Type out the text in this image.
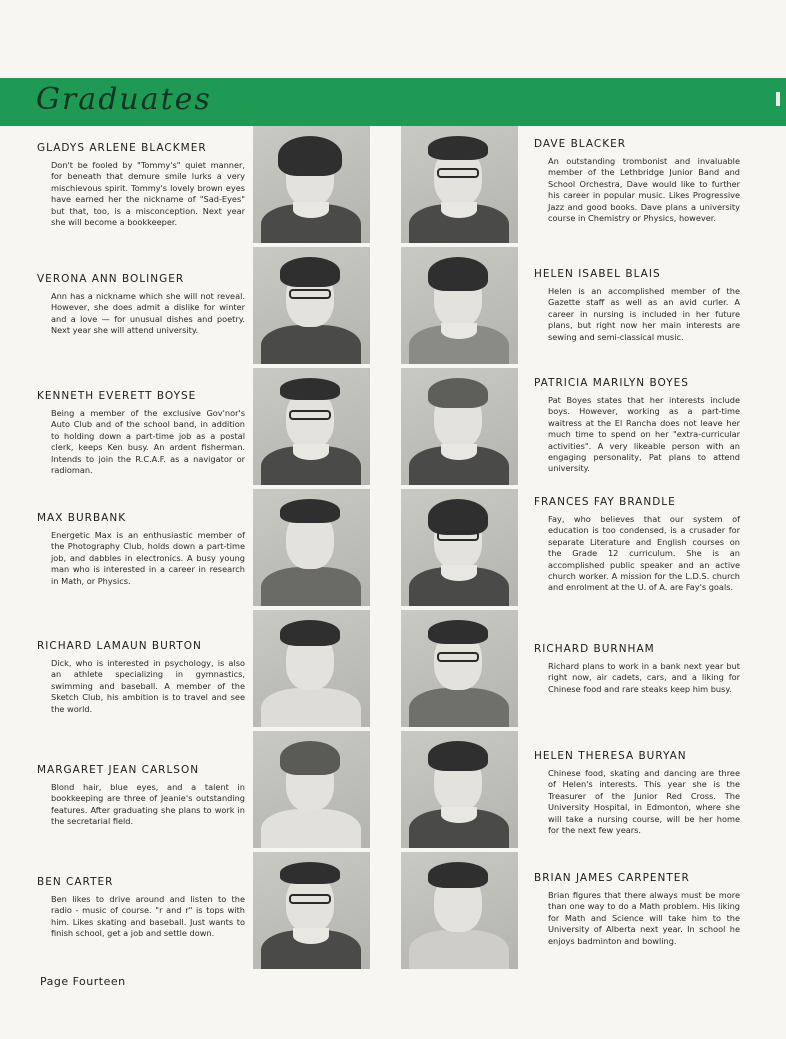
Graduates
GLADYS ARLENE BLACKMER
Don't be fooled by "Tommy's" quiet manner, for beneath that demure smile lurks a very mischievous spirit. Tommy's lovely brown eyes have earned her the nickname of "Sad-Eyes" but that, too, is a misconception. Next year she will become a bookkeeper.
VERONA ANN BOLINGER
Ann has a nickname which she will not reveal. However, she does admit a dislike for winter and a love — for unusual dishes and poetry. Next year she will attend university.
KENNETH EVERETT BOYSE
Being a member of the exclusive Gov'nor's Auto Club and of the school band, in addition to holding down a part-time job as a postal clerk, keeps Ken busy. An ardent fisherman. Intends to join the R.C.A.F. as a navigator or radioman.
MAX BURBANK
Energetic Max is an enthusiastic member of the Photography Club, holds down a part-time job, and dabbles in electronics. A busy young man who is interested in a career in research in Math, or Physics.
RICHARD LAMAUN BURTON
Dick, who is interested in psychology, is also an athlete specializing in gymnastics, swimming and baseball. A member of the Sketch Club, his ambition is to travel and see the world.
MARGARET JEAN CARLSON
Blond hair, blue eyes, and a talent in bookkeeping are three of Jeanie's outstanding features. After graduating she plans to work in the secretarial field.
BEN CARTER
Ben likes to drive around and listen to the radio - music of course. "r and r" is tops with him. Likes skating and baseball. Just wants to finish school, get a job and settle down.
DAVE BLACKER
An outstanding trombonist and invaluable member of the Lethbridge Junior Band and School Orchestra, Dave would like to further his career in popular music. Likes Progressive Jazz and good books. Dave plans a university course in Chemistry or Physics, however.
HELEN ISABEL BLAIS
Helen is an accomplished member of the Gazette staff as well as an avid curler. A career in nursing is included in her future plans, but right now her main interests are sewing and semi-classical music.
PATRICIA MARILYN BOYES
Pat Boyes states that her interests include boys. However, working as a part-time waitress at the El Rancha does not leave her much time to spend on her "extra-curricular activities". A very likeable person with an engaging personality, Pat plans to attend university.
FRANCES FAY BRANDLE
Fay, who believes that our system of education is too condensed, is a crusader for separate Literature and English courses on the Grade 12 curriculum. She is an accomplished public speaker and an active church worker. A mission for the L.D.S. church and enrolment at the U. of A. are Fay's goals.
RICHARD BURNHAM
Richard plans to work in a bank next year but right now, air cadets, cars, and a liking for Chinese food and rare steaks keep him busy.
HELEN THERESA BURYAN
Chinese food, skating and dancing are three of Helen's interests. This year she is the Treasurer of the Junior Red Cross. The University Hospital, in Edmonton, where she will take a nursing course, will be her home for the next few years.
BRIAN JAMES CARPENTER
Brian figures that there always must be more than one way to do a Math problem. His liking for Math and Science will take him to the University of Alberta next year. In school he enjoys badminton and bowling.
Page Fourteen
